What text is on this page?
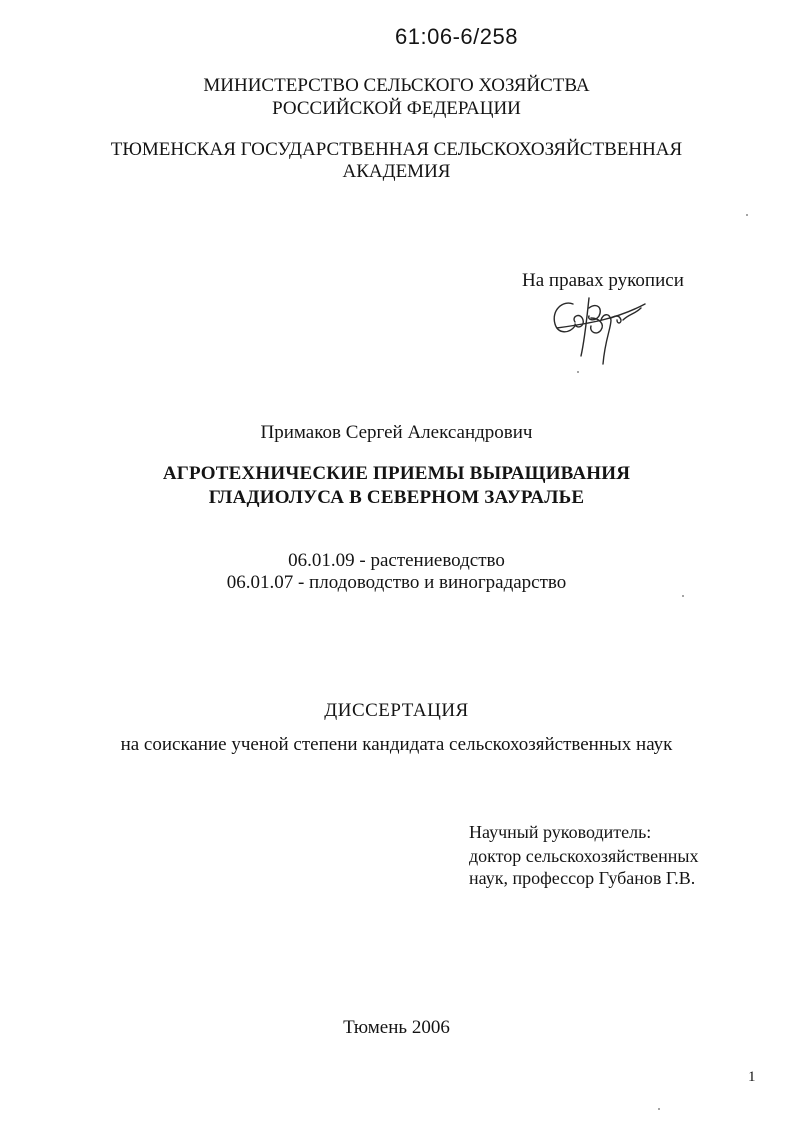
61:06-6/258

МИНИСТЕРСТВО СЕЛЬСКОГО ХОЗЯЙСТВА

РОССИЙСКОЙ ФЕДЕРАЦИИ

ТЮМЕНСКАЯ ГОСУДАРСТВЕННАЯ СЕЛЬСКОХОЗЯЙСТВЕННАЯ

АКАДЕМИЯ

На правах рукописи

Примаков Сергей Александрович

АГРОТЕХНИЧЕСКИЕ ПРИЕМЫ ВЫРАЩИВАНИЯ

ГЛАДИОЛУСА В СЕВЕРНОМ ЗАУРАЛЬЕ

06.01.09 - растениеводство

06.01.07 - плодоводство и виноградарство

ДИССЕРТАЦИЯ

на соискание ученой степени кандидата сельскохозяйственных наук

Научный руководитель:

доктор сельскохозяйственных

наук, профессор Губанов Г.В.

Тюмень 2006

1
